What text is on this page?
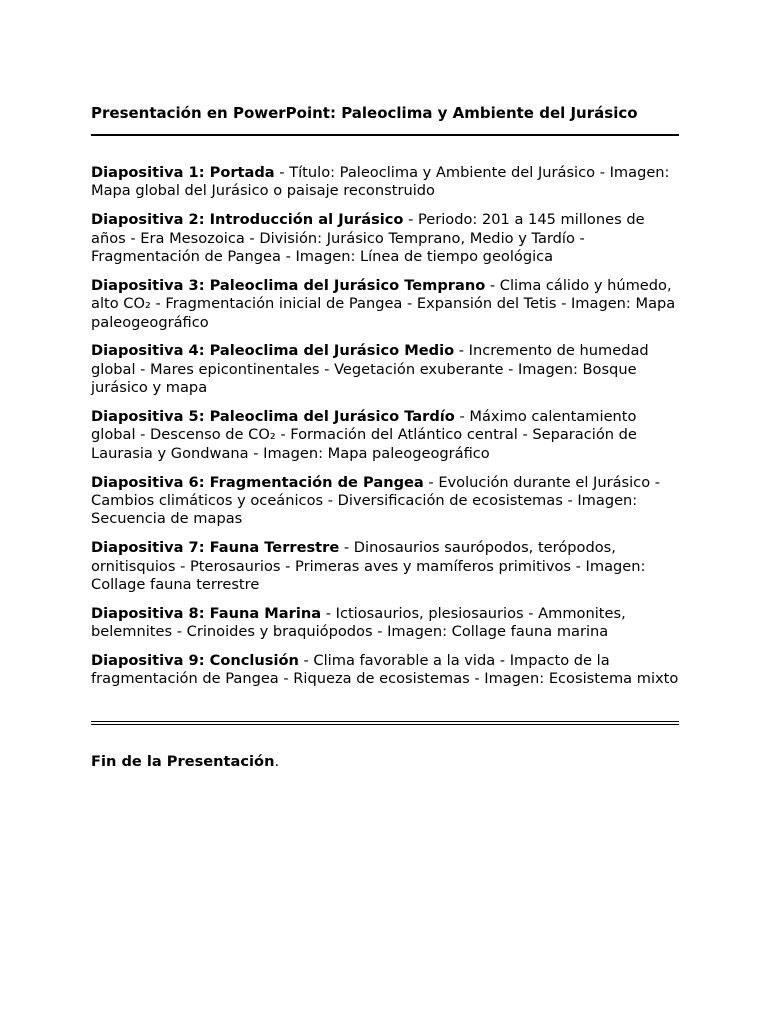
Presentación en PowerPoint: Paleoclima y Ambiente del Jurásico
Diapositiva 1: Portada - Título: Paleoclima y Ambiente del Jurásico - Imagen: Mapa global del Jurásico o paisaje reconstruido
Diapositiva 2: Introducción al Jurásico - Periodo: 201 a 145 millones de años - Era Mesozoica - División: Jurásico Temprano, Medio y Tardío - Fragmentación de Pangea - Imagen: Línea de tiempo geológica
Diapositiva 3: Paleoclima del Jurásico Temprano - Clima cálido y húmedo, alto CO₂ - Fragmentación inicial de Pangea - Expansión del Tetis - Imagen: Mapa paleogeográfico
Diapositiva 4: Paleoclima del Jurásico Medio - Incremento de humedad global - Mares epicontinentales - Vegetación exuberante - Imagen: Bosque jurásico y mapa
Diapositiva 5: Paleoclima del Jurásico Tardío - Máximo calentamiento global - Descenso de CO₂ - Formación del Atlántico central - Separación de Laurasia y Gondwana - Imagen: Mapa paleogeográfico
Diapositiva 6: Fragmentación de Pangea - Evolución durante el Jurásico - Cambios climáticos y oceánicos - Diversificación de ecosistemas - Imagen: Secuencia de mapas
Diapositiva 7: Fauna Terrestre - Dinosaurios saurópodos, terópodos, ornitisquios - Pterosaurios - Primeras aves y mamíferos primitivos - Imagen: Collage fauna terrestre
Diapositiva 8: Fauna Marina - Ictiosaurios, plesiosaurios - Ammonites, belemnites - Crinoides y braquiópodos - Imagen: Collage fauna marina
Diapositiva 9: Conclusión - Clima favorable a la vida - Impacto de la fragmentación de Pangea - Riqueza de ecosistemas - Imagen: Ecosistema mixto
Fin de la Presentación.
